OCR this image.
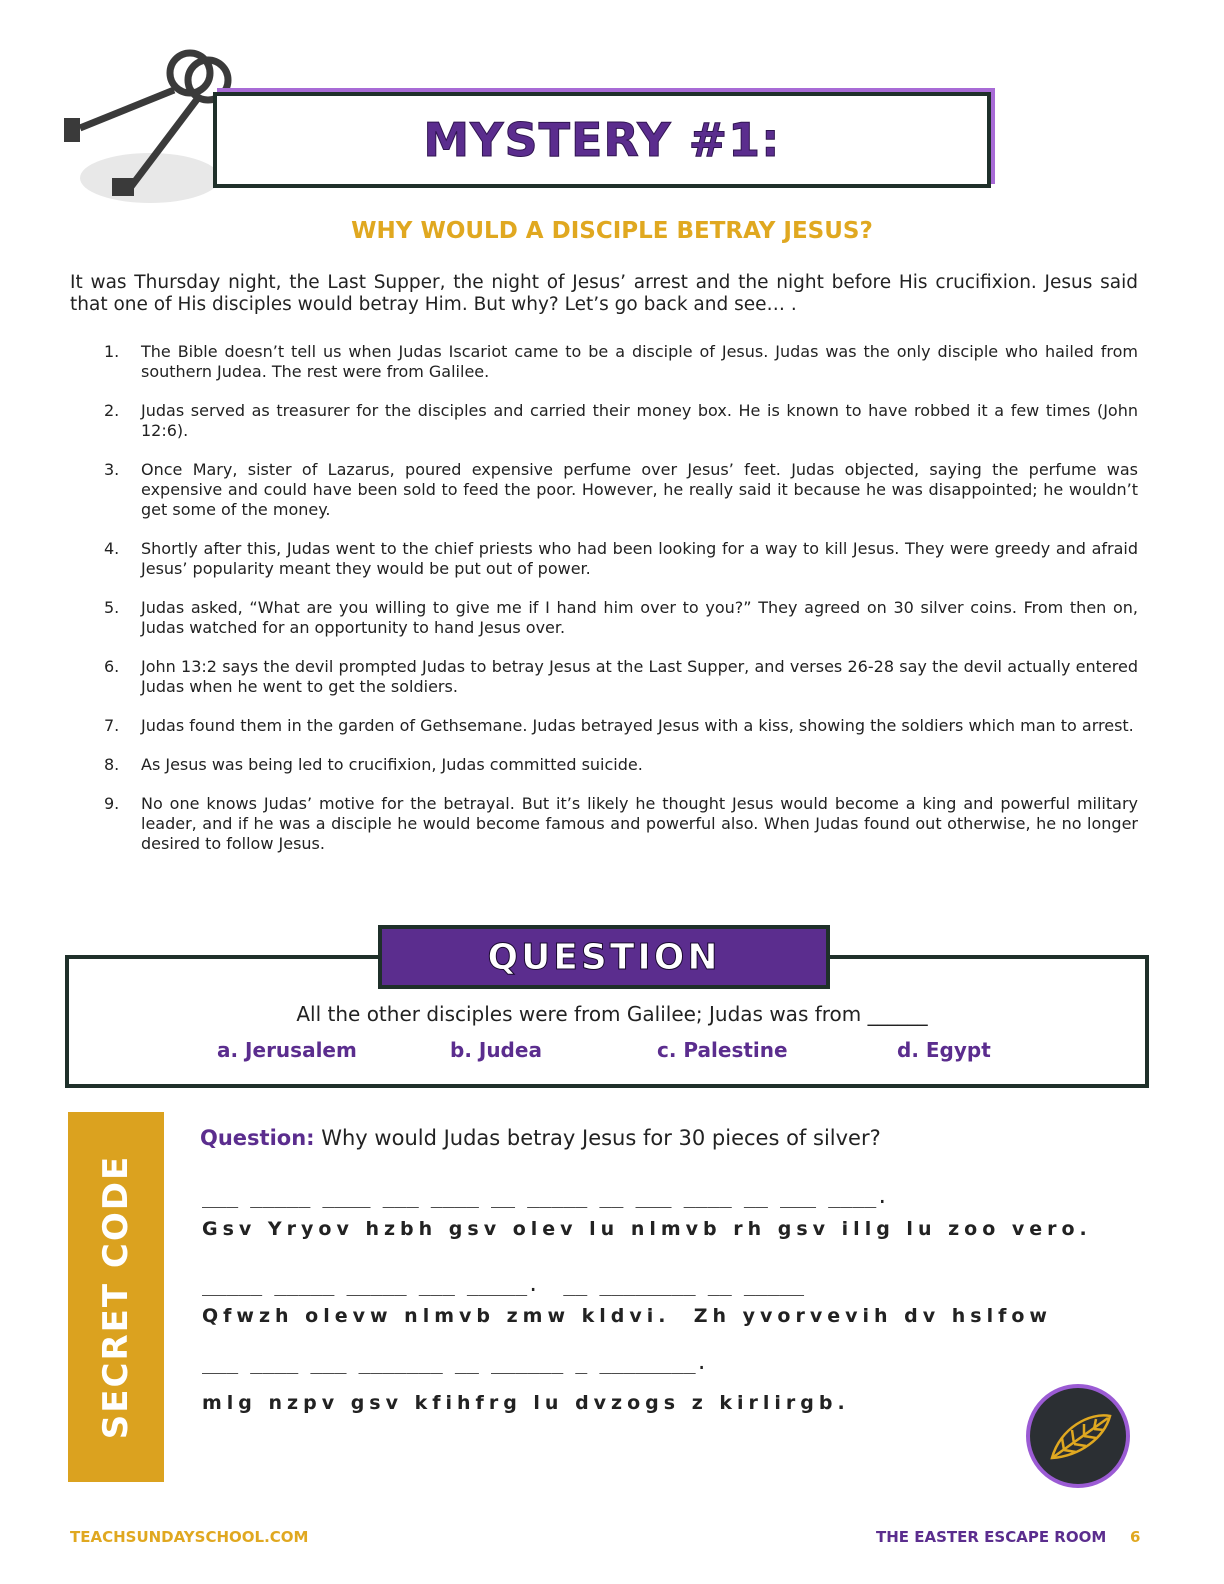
MYSTERY #1:
WHY WOULD A DISCIPLE BETRAY JESUS?
It was Thursday night, the Last Supper, the night of Jesus’ arrest and the night before His crucifixion. Jesus said that one of His disciples would betray Him. But why? Let’s go back and see… .
1.	The Bible doesn’t tell us when Judas Iscariot came to be a disciple of Jesus. Judas was the only disciple who hailed from southern Judea. The rest were from Galilee.
2.	Judas served as treasurer for the disciples and carried their money box. He is known to have robbed it a few times (John 12:6).
3.	Once Mary, sister of Lazarus, poured expensive perfume over Jesus’ feet. Judas objected, saying the perfume was expensive and could have been sold to feed the poor. However, he really said it because he was disappointed; he wouldn’t get some of the money.
4.	Shortly after this, Judas went to the chief priests who had been looking for a way to kill Jesus. They were greedy and afraid Jesus’ popularity meant they would be put out of power.
5.	Judas asked, “What are you willing to give me if I hand him over to you?” They agreed on 30 silver coins. From then on, Judas watched for an opportunity to hand Jesus over.
6.	John 13:2 says the devil prompted Judas to betray Jesus at the Last Supper, and verses 26-28 say the devil actually entered Judas when he went to get the soldiers.
7.	Judas found them in the garden of Gethsemane. Judas betrayed Jesus with a kiss, showing the soldiers which man to arrest.
8.	As Jesus was being led to crucifixion, Judas committed suicide.
9.	No one knows Judas’ motive for the betrayal. But it’s likely he thought Jesus would become a king and powerful military leader, and if he was a disciple he would become famous and powerful also. When Judas found out otherwise, he no longer desired to follow Jesus.
QUESTION
All the other disciples were from Galilee; Judas was from ______
a. Jerusalem	b. Judea	c. Palestine	d. Egypt
SECRET CODE
Question: Why would Judas betray Jesus for 30 pieces of silver?
___ _____ ____ ___ ____ __ _____ __ ___ ____ __ ___ ____.
Gsv Yryov hzbh gsv olev lu nlmvb rh gsv illg lu zoo vero.
_____ _____ _____ ___ _____.  __ ________ __ _____
Qfwzh olevw nlmvb zmw kldvi.  Zh yvorvevih dv hslfow
___ ____ ___ _______ __ ______ _ ________.
mlg nzpv gsv kfihfrg lu dvzogs z kirlirgb.
TEACHSUNDAYSCHOOL.COM	THE EASTER ESCAPE ROOM 6
